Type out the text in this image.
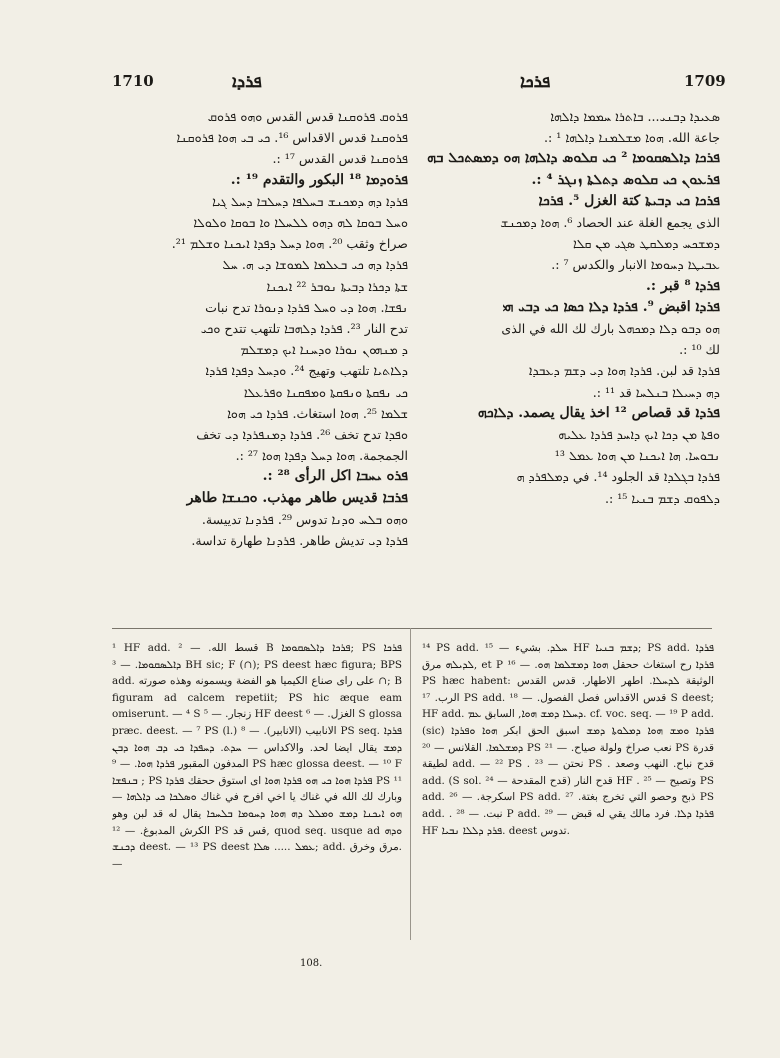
1710	ܦܪܕܐ	ܦܪܟܐ	1709

ܦܪܘܩ ܦܪܘܩܢܐ قدس القدس ܘܗܘ ܦܪܘܩ

ܦܪܘܩܢܐ قدس الاقداس ¹⁶. ܟܝ ܒܝ ܗܘܐ ܦܪܘܩܢܐ

ܦܪܘܩܢܐ قدس القدس ¹⁷ :.

ܦܪܘܕܡܐ ¹⁸ البكور والتقدم ¹⁹ :.

ܦܪܕܐ ܕܗ ܕܡܟܢܫ ܒܚܠܦܐ ܕܚܠܒܐ ܕܚܠ ܓܝܐ

ܘܚܠ ܒܘܩܐ ܠܗ ܕܗܘ ܠܠܚܠܐ ܘܐ ܒܘܩܐ ܘܠܘܠܐ

صراخ وثقب ²⁰. ܗܘܐ ܕܚܠ ܕܦܕܐ ܐܝܟܢܐ ܘܫܠܡ ²¹.

ܦܪܕܐ ܕܗ ܟܝ ܒܥܠܡܐ ܠܡܘܫܐ ܕܝ ܗ. ܚܠ

ܫܬܐ ܕܟܪܐ ܕܒܝܬܐ ܢܘܒܪ ²² ܐܝܟܢܐ

ܢܦܫܐ. ܗܘܐ ܕܝ ܘܚܠ ܦܪܕܐ ܕܢܘܪܐ تدح نبات

تدح النار ²³. ܦܪܕܐ ܕܠܗܒܐ تلتهب تتدح ܘܟܝ

ܕ ܡܢܗܘܢ ܢܘܪܐ ܘܕܚܢܐ ܐܝܟ ܕܡܫܠܡ

ܕܠܐܬܝܐ تلتهب وتهيج ²⁴. ܘܕܚܠ ܕܦܕܐ ܦܪܕܐ

ܟܝ ܢܦܩܬܐ ܘܢܦܩܬܐ ܘܡܦܩܢܐ ܘܦܪܥܠܐ

ܫܠܡܐ ²⁵. ܗܘܐ استغاث. ܦܪܕܐ ܟܝ ܗܘܐ

ܘܦܕܐ تدح تخف ²⁶. ܦܪܕܐ ܕܡܢܦܪܕܐ ܕܝ تخف

الجمجمة. ܗܘܐ ܕܚܠ ܕܦܕܐ ܗܘܐ ²⁷ :.

ܦܪܘ ܝܚܒܐ اكل الرأى ²⁸ :.

ܦܪܒܐ قديس طاهر مهذب. ܘܟܢܫܐ طاهر

ܘܗܘ ܒܠܚ ܘܕܢܐ تدوس ²⁹. ܦܪܕܢܐ تدييسة.

ܦܪܕܐ ܕܝ تديش طاهر. ܦܪܕܢܐ طهارة تداسة.

ܣܥܝܕܐ ܕܒܢܝ... ܒܐܬܪܐ ܚܡܡܐ ܕܐܠܗܐ

جاعة الله. ܗܘܐ ܡܫܠܡܢܐ ܕܐܠܗܐ ¹ :.

ܦܪܟܐ ܕܐܠܣܩܘܡܐ ² ܟܝ ܩܠܘܣ ܕܐܠܗܐ ܗܘ ܕܡܣܬܟܠ ܒܗ

ܦܪܥܘܢ ܟܝ ܩܠܘܣ ܕܬܠܬܐ ܙܢܓܪ ⁴ :.

ܦܪܟܐ ܟܝ ܕܒܝܬܐ كتة الغزل ⁵. ܦܪܟܐ

الذى يجمع الغلة عند الحصاد ⁶. ܗܘܐ ܕܡܟܢܫ

ܕܡܫܟܚ ܕܡܠܩܛ ܣܓܝ ܡܢ ܩܠܐ

ܥܒܝܛܐ ܕܚܘܡܐ الانبار والكدس ⁷ :.

ܦܪܕܐ ⁸ قبر :.

ܦܪܕܐ اقبض ⁹. ܦܪܕܐ ܕܠܐ ܟܣܐ ܟܝ ܕܒܝ ܗܝ

ܗܘ ܕܒܘ ܕܠܐ ܕܡܟܗܠ بارك لك الله في الذى

لك ¹⁰ :.

ܦܪܕܐ قد لبن. ܦܪܕܐ ܗܘܐ ܕܝ ܕܫܡ ܕܥܒܕܐ

ܕܗ ܕܚܝܠܐ ܒܢܠܚܐ قد ¹¹ :.

ܦܪܕܐ قد قصاص ¹² اخذ يقال يصمد. ܕܠܐܟܗ

ܘܦܬܐ ܡܢ ܕܟܐ ܐܝܟ ܕܐܚܕ ܦܪܕܐ ܥܠܝܗ

ܢܒܘܚܐ. ܗܐ ܐܝܟܢܐ ܡܢ ܗܘܐ ܥܡܠ ¹³

ܦܪܕܐ ܒܓܠܕܐ قد الجلود ¹⁴. في ܕܡܠܦܪܕ ܗ

ܕܠܦܘܩ ܕܫܡ ܒܢܝܐ ¹⁵ :.

¹ HF add. قسط الله. — ² B ܦܪܟܐ ܕܐܠܣܩܘܡܐ; PS ܦܪܟܐ ܕܐܠܣܩܘܡܐ. — ³ BH sic; F (∩); PS deest hæc figura; BPS add. على راى صناع الكيميا هو الفضة ويسمونه وهذه صورته ∩; B figuram ad calcem repetiit; PS hic æque eam omiserunt. — ⁴ S زنجار. — ⁵ HF deest الغزل. — ⁶ S glossa præc. deest. — ⁷ PS (l.) الانابيب (الانابير). — ⁸ PS seq. ܦܪܕܐ ܕܡܫ يقال ايضا لحد. والاكداس — ܚܕܬ. ܕܚܦܕܐ ܟܝ ܕܒ ܗܘܐ ܕܒܢ المدفون المقبور ܦܪܕܐ ܗܘܐ. — ⁹ PS hæc glossa deest. — ¹⁰ F ܒܢܦܫܐ ; PS ܦܪܕܐ ܗܘܐ ܟܝ ܗܘ ܦܪܕܐ ܗܘܐ اى استوق ححقك ܦܪܕܐ PS ¹¹ — وبارك لك الله في غناك يا اخي افرح في غناك ܘܣܠܟܐ ܟܝ ܕܐܠܗܐ ܗܘ ܐܝܟܢܐ ܕܡܫ ܘܡܠܠ ܕܗ ܗܘܐ ܕܚܘܡܐ ܒܠܚܟܐ يقال له قد لبن وهو الكرش المدبوغ. — ¹² PS قس قد, quod seq. usque ad ܘܕܗ ܕܟܢܫ deest. — ¹³ PS deest ܥܡܠ ..... ܣܠܐ; add. مرق وخرق. —

¹⁴ PS add. ܚܠܕ. بشيء — ¹⁵ HF ܕܫܡ ܒܢܝܐ; PS add. ܦܪܕܐ ܠܕܝܠܗ مرق, et P ܦܪܕܐ رح استغاث ححقل ܗܘܐ ܕܡܫܠܡܐ ܗܘ. — ¹⁶ PS hæc habent: الوثيقة ܠܕܚܠܐ. اطهر الاطهار. قدس القدس الرب. ¹⁷ PS add. قدس الاقداس فصل الفصول. — ¹⁸ S deest; HF add. ܕܚܠܐ ܕܡܫ ܗܘܐ, السابق ܥܡ. cf. voc. seq. — ¹⁹ P add. (sic) ܦܪܕܐ ܘܡܫ ܗܘܐ ܕܡܠܘܬܐ ܕܡܫ اسبق الحق ابكر ܗܘܐ ܘܦܪܕܐ ܕܡܫܠܡܐ. القلانس — ²⁰ PS نعب صراخ ولولة صياح. — ²¹ PS قدرة لطيقة add. — ²² PS . نحتن — ²³ PS . قدح نباح. النهب وصعد add. (S sol. قدح النار (قدح المقدحة — ²⁴ HF . وتصيح — ²⁵ PS add. اسكرجة. — ²⁶ PS add. ذبح وحصو التي تخرج بغتة. ²⁷ PS add. . نبت. — ²⁸ P add. ܦܪܕܐ ܕܠܐ. فرد مالك يقي له قبض — ²⁹ HF ܦܪܕ ܕܠܠܐ ܢܒܝܐ. deest تدوس.

108.
